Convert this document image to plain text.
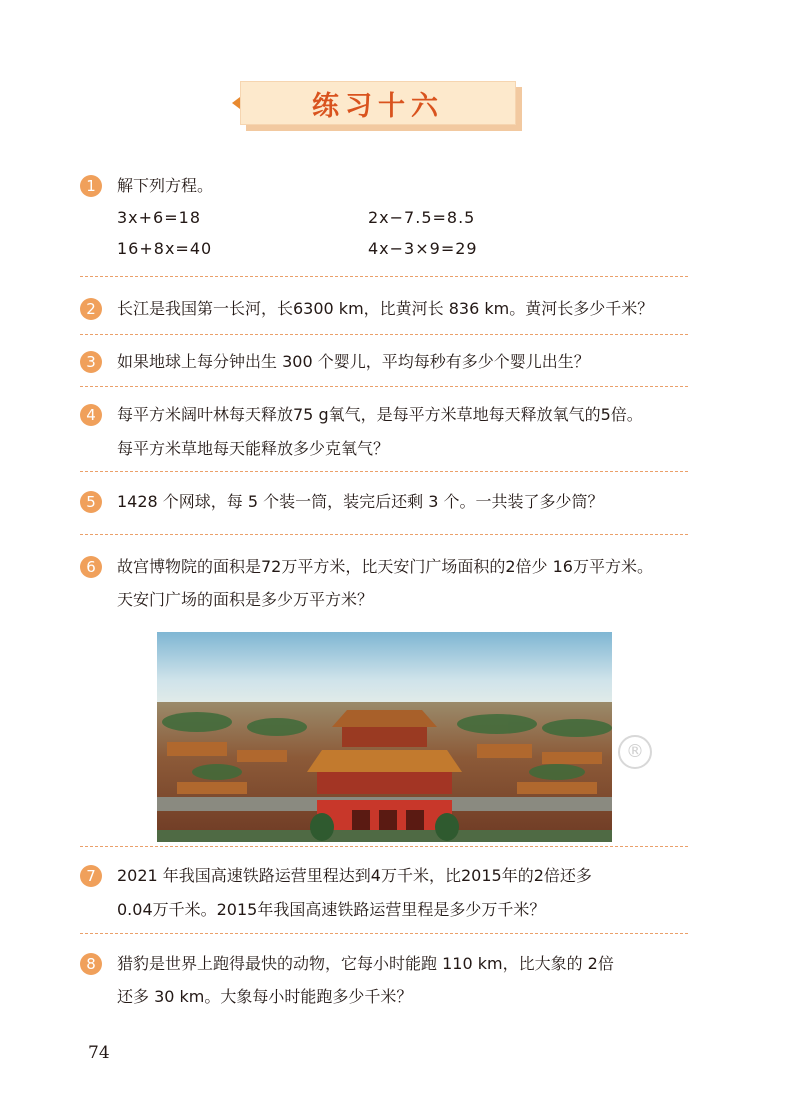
练习十六
1	解下列方程。
3x+6=18	2x−7.5=8.5
16+8x=40	4x−3×9=29
2	长江是我国第一长河，长6300 km，比黄河长 836 km。黄河长多少千米？
3	如果地球上每分钟出生 300 个婴儿，平均每秒有多少个婴儿出生？
4	每平方米阔叶林每天释放75 g氧气，是每平方米草地每天释放氧气的5倍。
每平方米草地每天能释放多少克氧气？
5	1428 个网球，每 5 个装一筒，装完后还剩 3 个。一共装了多少筒？
6	故宫博物院的面积是72万平方米，比天安门广场面积的2倍少 16万平方米。
天安门广场的面积是多少万平方米？
®
7	2021 年我国高速铁路运营里程达到4万千米，比2015年的2倍还多
0.04万千米。2015年我国高速铁路运营里程是多少万千米？
8	猎豹是世界上跑得最快的动物，它每小时能跑 110 km，比大象的 2倍
还多 30 km。大象每小时能跑多少千米？
74
